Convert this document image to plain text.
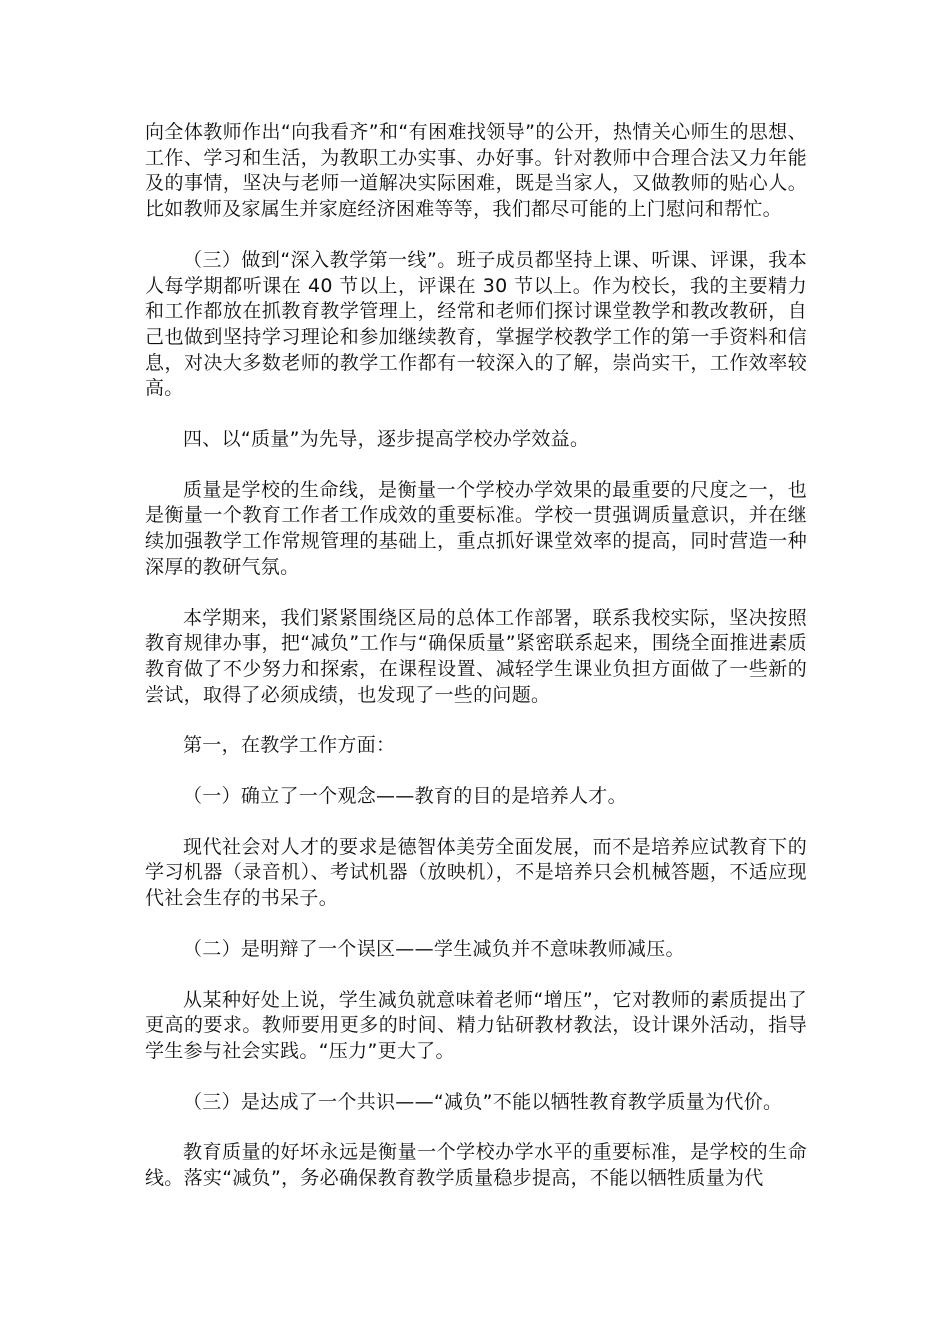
向全体教师作出“向我看齐”和“有困难找领导”的公开，热情关心师生的思想、工作、学习和生活，为教职工办实事、办好事。针对教师中合理合法又力年能及的事情，坚决与老师一道解决实际困难，既是当家人，又做教师的贴心人。比如教师及家属生并家庭经济困难等等，我们都尽可能的上门慰问和帮忙。

（三）做到“深入教学第一线”。班子成员都坚持上课、听课、评课，我本人每学期都听课在 40 节以上，评课在 30 节以上。作为校长，我的主要精力和工作都放在抓教育教学管理上，经常和老师们探讨课堂教学和教改教研，自己也做到坚持学习理论和参加继续教育，掌握学校教学工作的第一手资料和信息，对决大多数老师的教学工作都有一较深入的了解，崇尚实干，工作效率较高。

四、以“质量”为先导，逐步提高学校办学效益。

质量是学校的生命线，是衡量一个学校办学效果的最重要的尺度之一，也是衡量一个教育工作者工作成效的重要标准。学校一贯强调质量意识，并在继续加强教学工作常规管理的基础上，重点抓好课堂效率的提高，同时营造一种深厚的教研气氛。

本学期来，我们紧紧围绕区局的总体工作部署，联系我校实际，坚决按照教育规律办事，把“减负”工作与“确保质量”紧密联系起来，围绕全面推进素质教育做了不少努力和探索，在课程设置、减轻学生课业负担方面做了一些新的尝试，取得了必须成绩，也发现了一些的问题。

第一，在教学工作方面：

（一）确立了一个观念——教育的目的是培养人才。

现代社会对人才的要求是德智体美劳全面发展，而不是培养应试教育下的学习机器（录音机）、考试机器（放映机），不是培养只会机械答题，不适应现代社会生存的书呆子。

（二）是明辩了一个误区——学生减负并不意味教师减压。

从某种好处上说，学生减负就意味着老师“增压”，它对教师的素质提出了更高的要求。教师要用更多的时间、精力钻研教材教法，设计课外活动，指导学生参与社会实践。“压力”更大了。

（三）是达成了一个共识——“减负”不能以牺牲教育教学质量为代价。

教育质量的好坏永远是衡量一个学校办学水平的重要标准，是学校的生命线。落实“减负”，务必确保教育教学质量稳步提高，不能以牺牲质量为代
